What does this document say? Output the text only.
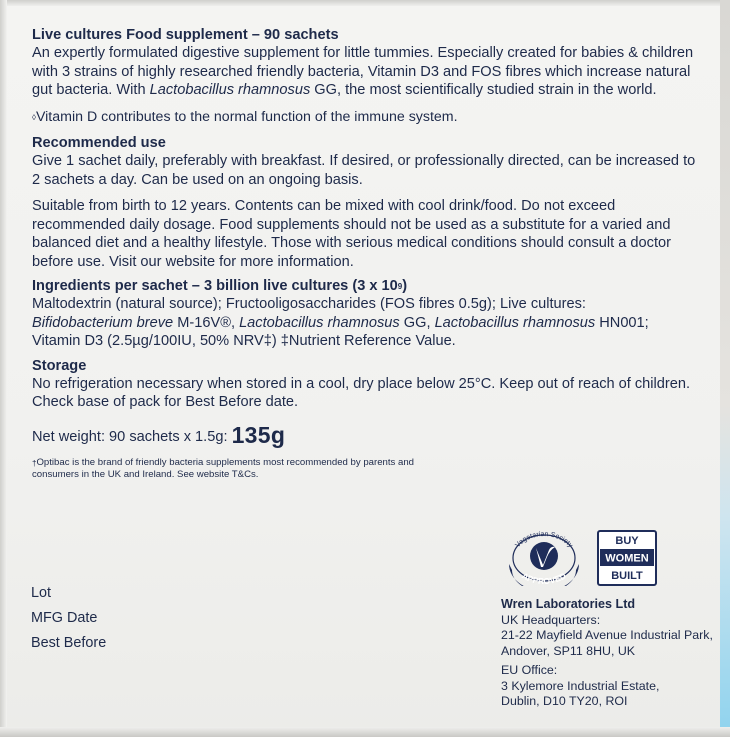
Live cultures Food supplement – 90 sachets

An expertly formulated digestive supplement for little tummies. Especially created for babies & children with 3 strains of highly researched friendly bacteria, Vitamin D3 and FOS fibres which increase natural gut bacteria. With Lactobacillus rhamnosus GG, the most scientifically studied strain in the world.

◊Vitamin D contributes to the normal function of the immune system.

Recommended use

Give 1 sachet daily, preferably with breakfast. If desired, or professionally directed, can be increased to 2 sachets a day. Can be used on an ongoing basis.

Suitable from birth to 12 years. Contents can be mixed with cool drink/food. Do not exceed recommended daily dosage. Food supplements should not be used as a substitute for a varied and balanced diet and a healthy lifestyle. Those with serious medical conditions should consult a doctor before use. Visit our website for more information.

Ingredients per sachet – 3 billion live cultures (3 x $10^9$)

Maltodextrin (natural source); Fructooligosaccharides (FOS fibres 0.5g); Live cultures:

Bifidobacterium breve M-16V®, Lactobacillus rhamnosus GG, Lactobacillus rhamnosus HN001;

Vitamin D3 (2.5µg/100IU, 50% NRV‡) ‡Nutrient Reference Value.

Storage

No refrigeration necessary when stored in a cool, dry place below 25°C. Keep out of reach of children. Check base of pack for Best Before date.

Net weight: 90 sachets x 1.5g: 135g
†Optibac is the brand of friendly bacteria supplements most recommended by parents and consumers in the UK and Ireland. See website T&Cs.
Lot
MFG Date
Best Before
Vegetarian Society
APPROVED
BUY
WOMEN
BUILT
Wren Laboratories Ltd
UK Headquarters:
21-22 Mayfield Avenue Industrial Park,
Andover, SP11 8HU, UK
EU Office:
3 Kylemore Industrial Estate,
Dublin, D10 TY20, ROI
